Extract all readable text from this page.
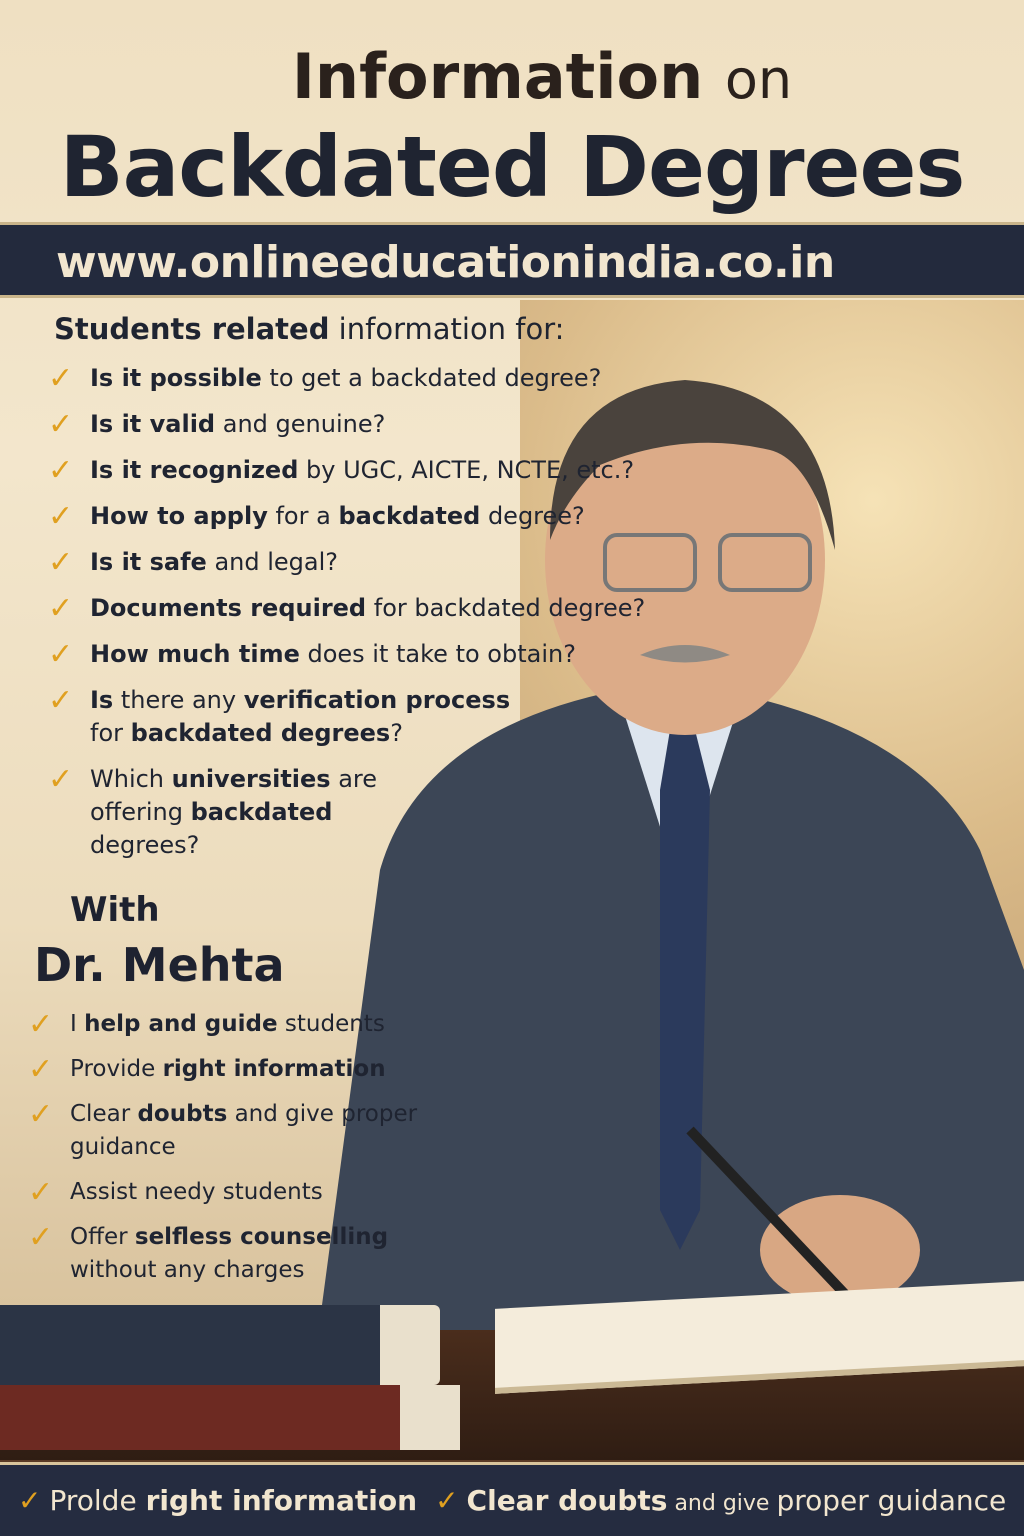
Information on
Backdated Degrees
www.onlineeducationindia.co.in
Students related information for:
✓ Is it possible to get a backdated degree?
✓ Is it valid and genuine?
✓ Is it recognized by UGC, AICTE, NCTE, etc.?
✓ How to apply for a backdated degree?
✓ Is it safe and legal?
✓ Documents required for backdated degree?
✓ How much time does it take to obtain?
✓ Is there any verification process
for backdated degrees?
✓ Which universities are
offering backdated
degrees?
With
Dr. Mehta
✓ I help and guide students
✓ Provide right information
✓ Clear doubts and give proper
guidance
✓ Assist needy students
✓ Offer selfless counselling
without any charges
✓ Prolde right information ✓ Clear doubts and give proper guidance
